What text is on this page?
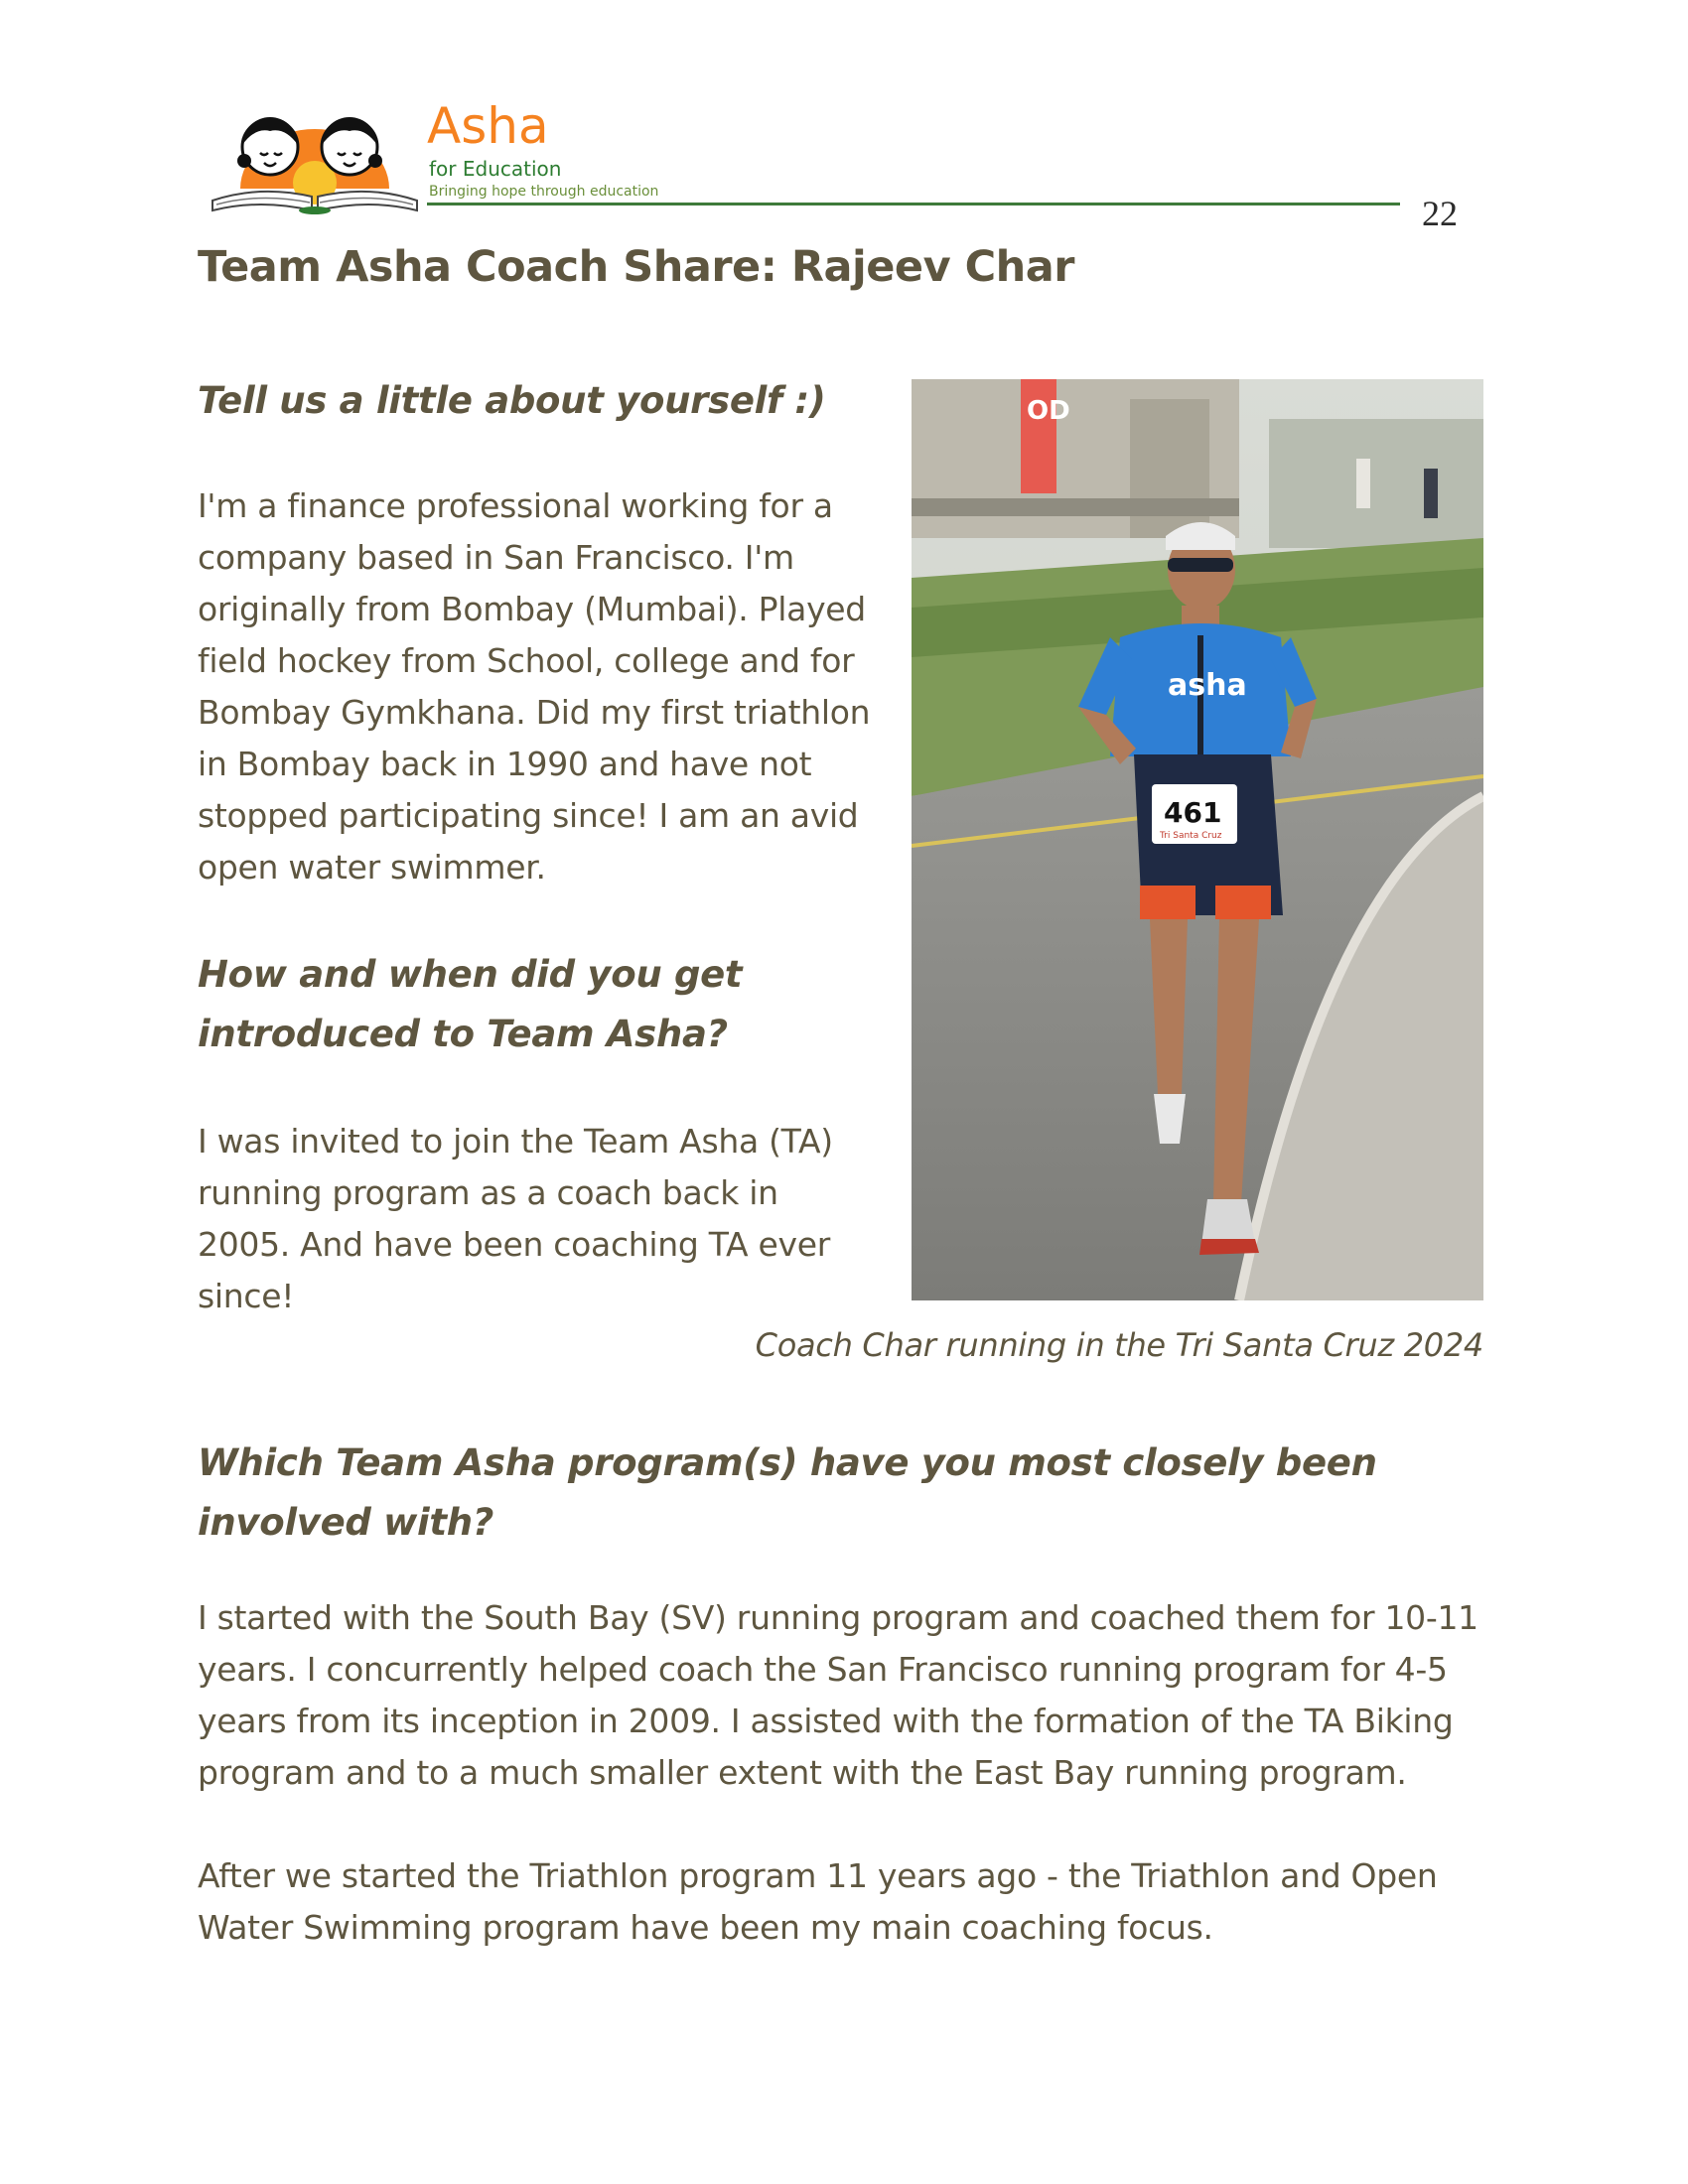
Asha
for Education
Bringing hope through education
22
Team Asha Coach Share: Rajeev Char

Tell us a little about yourself :)

I'm a finance professional working for a company based in San Francisco. I'm originally from Bombay (Mumbai). Played field hockey from School, college and for Bombay Gymkhana. Did my first triathlon in Bombay back in 1990 and have not stopped participating since! I am an avid open water swimmer.

How and when did you get introduced to Team Asha?

I was invited to join the Team Asha (TA) running program as a coach back in 2005. And have been coaching TA ever since!

OD
asha
461
Tri Santa Cruz

Coach Char running in the Tri Santa Cruz 2024

Which Team Asha program(s) have you most closely been involved with?

I started with the South Bay (SV) running program and coached them for 10-11 years. I concurrently helped coach the San Francisco running program for 4-5 years from its inception in 2009. I assisted with the formation of the TA Biking program and to a much smaller extent with the East Bay running program.

After we started the Triathlon program 11 years ago - the Triathlon and Open Water Swimming program have been my main coaching focus.
